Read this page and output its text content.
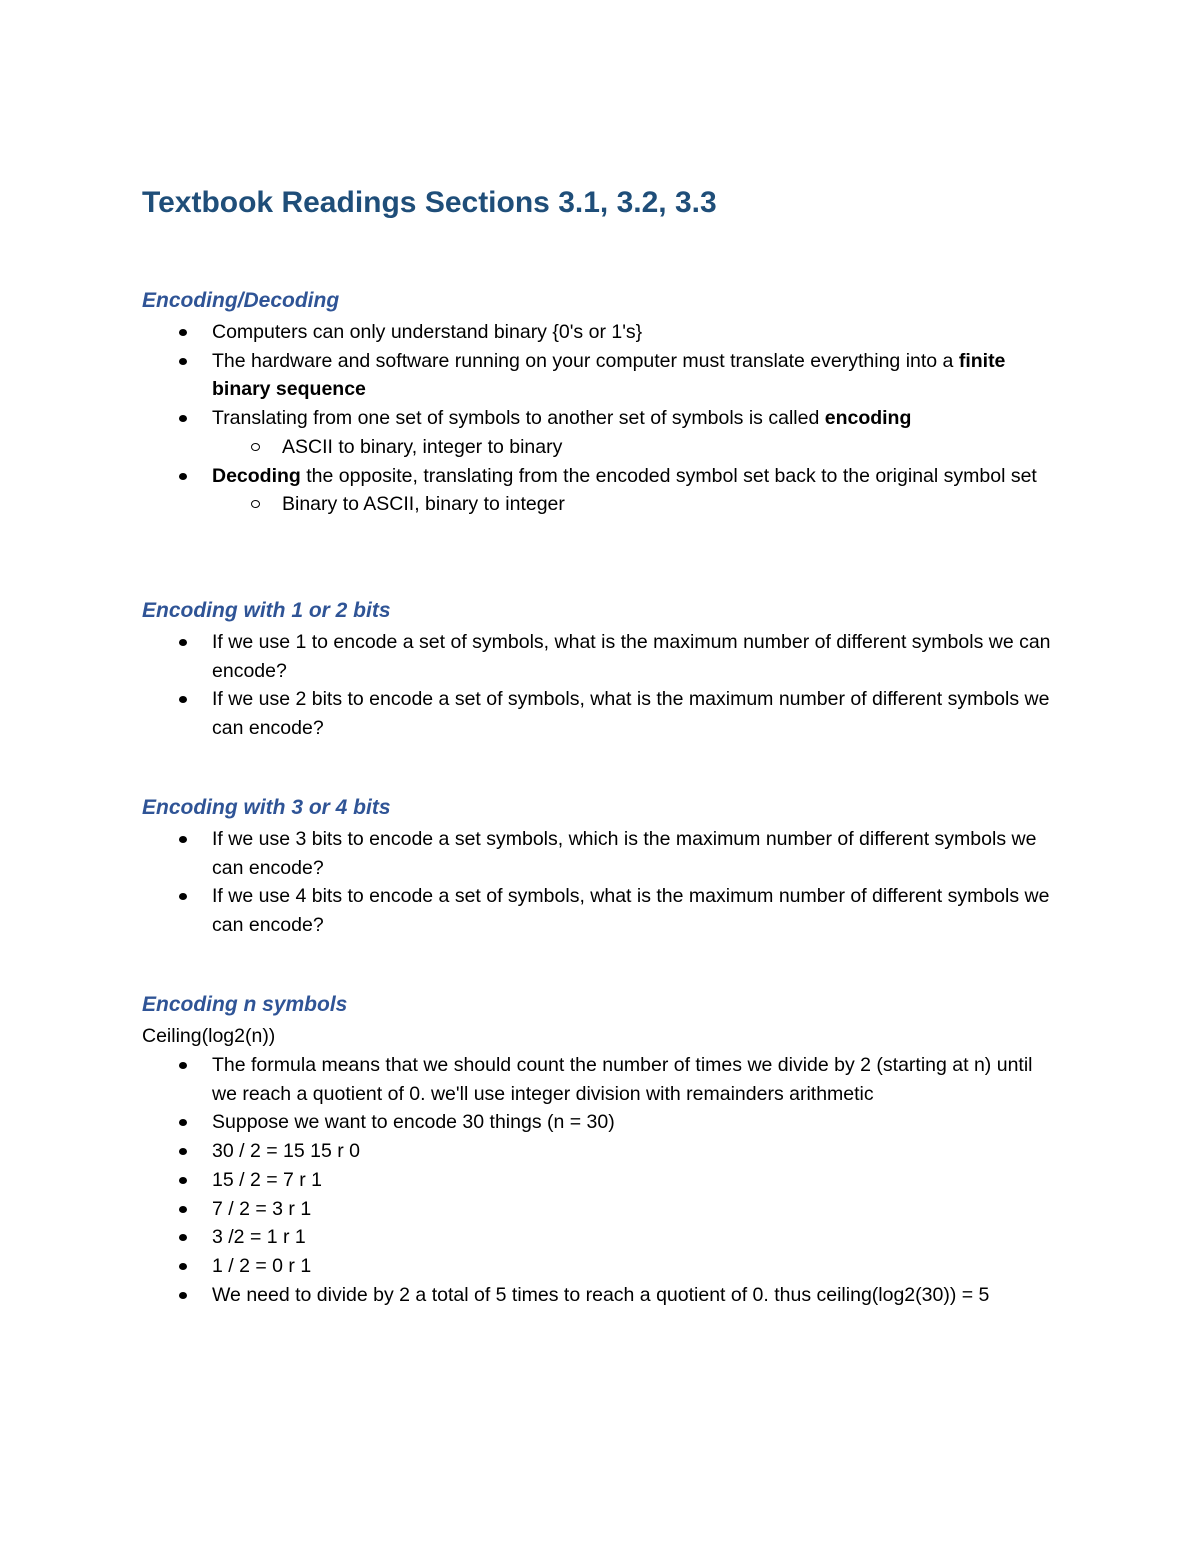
Textbook Readings Sections 3.1, 3.2, 3.3
Encoding/Decoding
Computers can only understand binary {0's or 1's}
The hardware and software running on your computer must translate everything into a finite binary sequence
Translating from one set of symbols to another set of symbols is called encoding
ASCII to binary, integer to binary
Decoding the opposite, translating from the encoded symbol set back to the original symbol set
Binary to ASCII, binary to integer
Encoding with 1 or 2 bits
If we use 1 to encode a set of symbols, what is the maximum number of different symbols we can encode?
If we use 2 bits to encode a set of symbols, what is the maximum number of different symbols we can encode?
Encoding with 3 or 4 bits
If we use 3 bits to encode a set symbols, which is the maximum number of different symbols we can encode?
If we use 4 bits to encode a set of symbols, what is the maximum number of different symbols we can encode?
Encoding n symbols

Ceiling(log2(n))

The formula means that we should count the number of times we divide by 2 (starting at n) until we reach a quotient of 0. we'll use integer division with remainders arithmetic
Suppose we want to encode 30 things (n = 30)
30 / 2 = 15 15 r 0
15 / 2 = 7 r 1
7 / 2 = 3 r 1
3 /2 = 1 r 1
1 / 2 = 0 r 1
We need to divide by 2 a total of 5 times to reach a quotient of 0. thus ceiling(log2(30)) = 5
